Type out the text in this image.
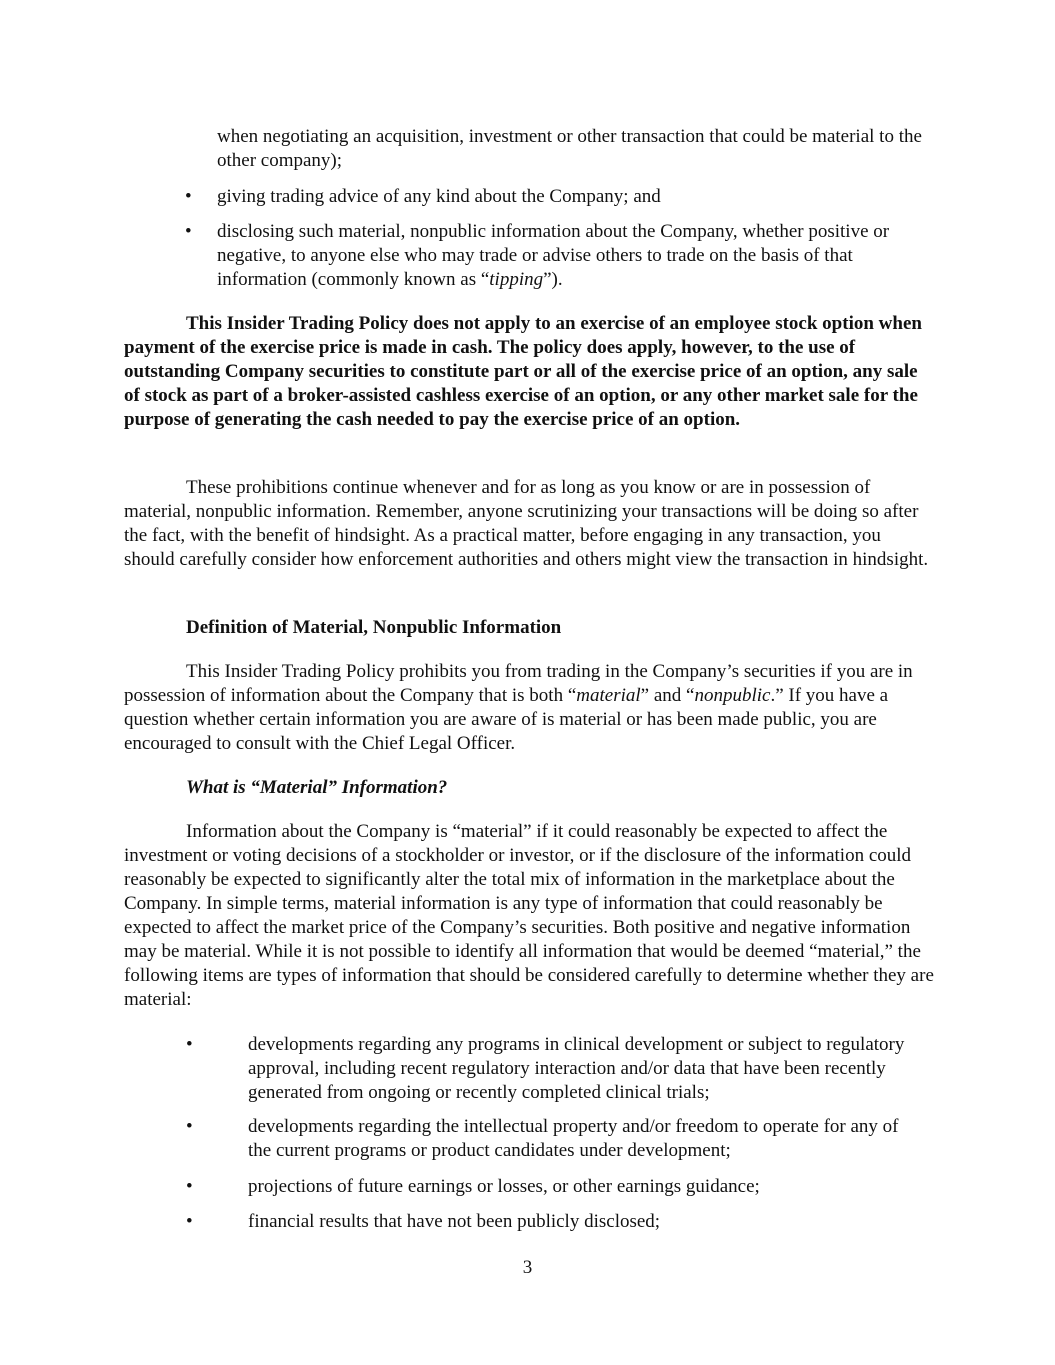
when negotiating an acquisition, investment or other transaction that could be material to the other company);

•	giving trading advice of any kind about the Company; and
•	disclosing such material, nonpublic information about the Company, whether positive or negative, to anyone else who may trade or advise others to trade on the basis of that information (commonly known as “tipping”).

This Insider Trading Policy does not apply to an exercise of an employee stock option when payment of the exercise price is made in cash. The policy does apply, however, to the use of outstanding Company securities to constitute part or all of the exercise price of an option, any sale of stock as part of a broker-assisted cashless exercise of an option, or any other market sale for the purpose of generating the cash needed to pay the exercise price of an option.

These prohibitions continue whenever and for as long as you know or are in possession of material, nonpublic information. Remember, anyone scrutinizing your transactions will be doing so after the fact, with the benefit of hindsight. As a practical matter, before engaging in any transaction, you should carefully consider how enforcement authorities and others might view the transaction in hindsight.

Definition of Material, Nonpublic Information

This Insider Trading Policy prohibits you from trading in the Company’s securities if you are in possession of information about the Company that is both “material” and “nonpublic.” If you have a question whether certain information you are aware of is material or has been made public, you are encouraged to consult with the Chief Legal Officer.

What is “Material” Information?

Information about the Company is “material” if it could reasonably be expected to affect the investment or voting decisions of a stockholder or investor, or if the disclosure of the information could reasonably be expected to significantly alter the total mix of information in the marketplace about the Company. In simple terms, material information is any type of information that could reasonably be expected to affect the market price of the Company’s securities. Both positive and negative information may be material. While it is not possible to identify all information that would be deemed “material,” the following items are types of information that should be considered carefully to determine whether they are material:

•	developments regarding any programs in clinical development or subject to regulatory approval, including recent regulatory interaction and/or data that have been recently generated from ongoing or recently completed clinical trials;
•	developments regarding the intellectual property and/or freedom to operate for any of the current programs or product candidates under development;
•	projections of future earnings or losses, or other earnings guidance;
•	financial results that have not been publicly disclosed;
3
